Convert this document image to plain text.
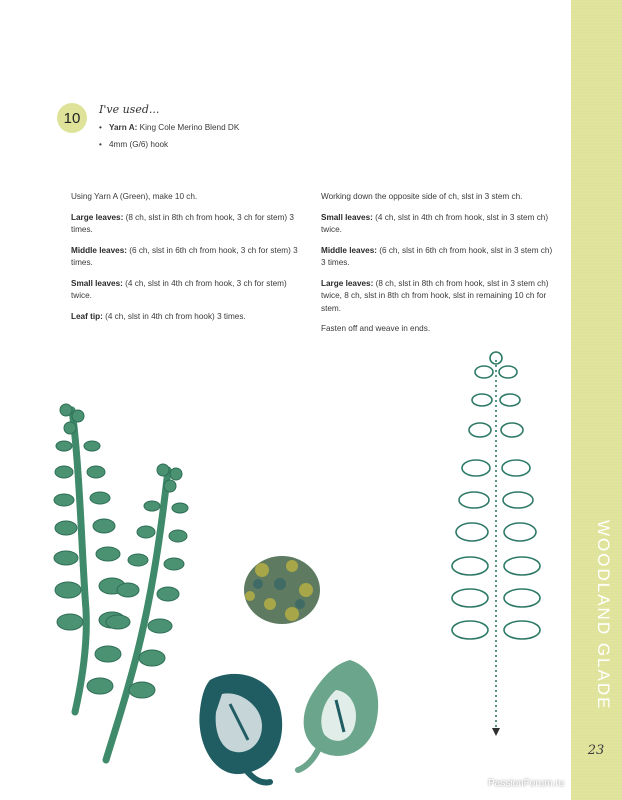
WOODLAND GLADE
23
PassionForum.ru
10 I've used...
• Yarn A: King Cole Merino Blend DK
• 4mm (G/6) hook

Using Yarn A (Green), make 10 ch.

Large leaves: (8 ch, slst in 8th ch from hook, 3 ch for stem) 3 times.

Middle leaves: (6 ch, slst in 6th ch from hook, 3 ch for stem) 3 times.

Small leaves: (4 ch, slst in 4th ch from hook, 3 ch for stem) twice.

Leaf tip: (4 ch, slst in 4th ch from hook) 3 times.

Working down the opposite side of ch, slst in 3 stem ch.

Small leaves: (4 ch, slst in 4th ch from hook, slst in 3 stem ch) twice.

Middle leaves: (6 ch, slst in 6th ch from hook, slst in 3 stem ch) 3 times.

Large leaves: (8 ch, slst in 8th ch from hook, slst in 3 stem ch) twice, 8 ch, slst in 8th ch from hook, slst in remaining 10 ch for stem.

Fasten off and weave in ends.
